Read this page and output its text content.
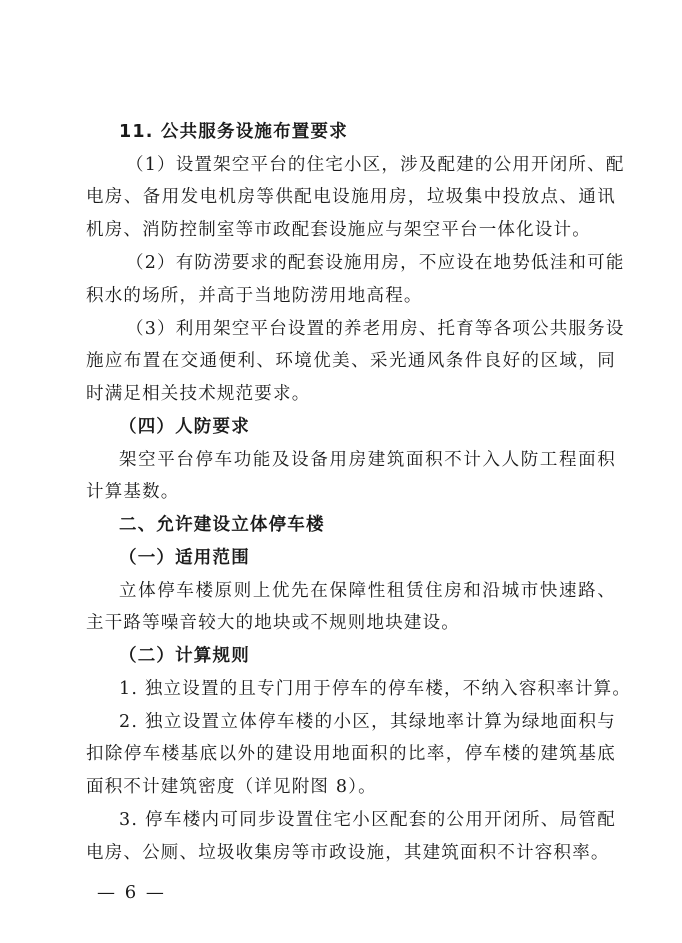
11. 公共服务设施布置要求
（1）设置架空平台的住宅小区，涉及配建的公用开闭所、配
电房、备用发电机房等供配电设施用房，垃圾集中投放点、通讯
机房、消防控制室等市政配套设施应与架空平台一体化设计。
（2）有防涝要求的配套设施用房，不应设在地势低洼和可能
积水的场所，并高于当地防涝用地高程。
（3）利用架空平台设置的养老用房、托育等各项公共服务设
施应布置在交通便利、环境优美、采光通风条件良好的区域，同
时满足相关技术规范要求。
（四）人防要求
架空平台停车功能及设备用房建筑面积不计入人防工程面积
计算基数。
二、允许建设立体停车楼
（一）适用范围
立体停车楼原则上优先在保障性租赁住房和沿城市快速路、
主干路等噪音较大的地块或不规则地块建设。
（二）计算规则
1. 独立设置的且专门用于停车的停车楼，不纳入容积率计算。
2. 独立设置立体停车楼的小区，其绿地率计算为绿地面积与
扣除停车楼基底以外的建设用地面积的比率，停车楼的建筑基底
面积不计建筑密度（详见附图 8）。
3. 停车楼内可同步设置住宅小区配套的公用开闭所、局管配
电房、公厕、垃圾收集房等市政设施，其建筑面积不计容积率。
— 6 —
